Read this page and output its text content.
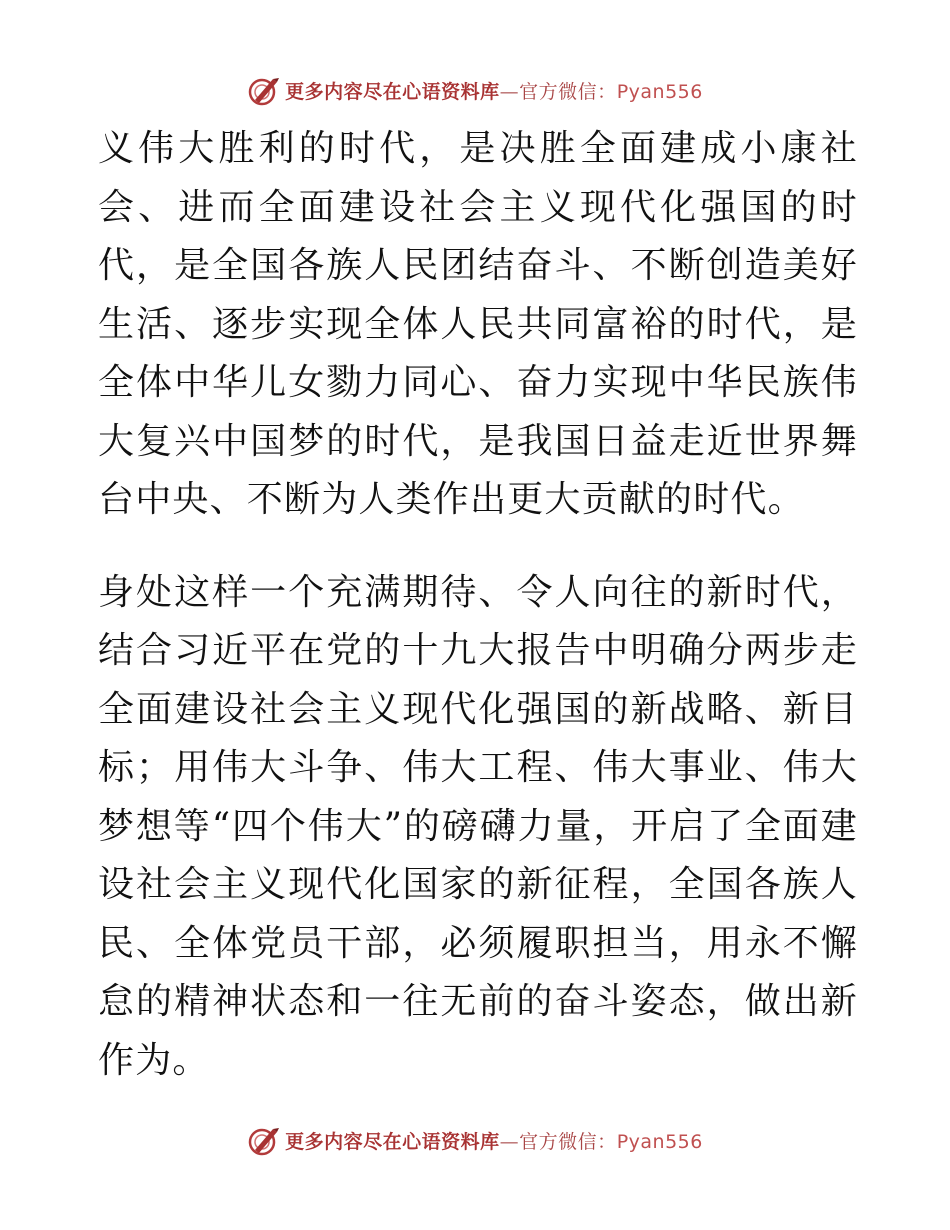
更多内容尽在心语资料库—官方微信：Pyan556

义伟大胜利的时代，是决胜全面建成小康社会、进而全面建设社会主义现代化强国的时代，是全国各族人民团结奋斗、不断创造美好生活、逐步实现全体人民共同富裕的时代，是全体中华儿女勠力同心、奋力实现中华民族伟大复兴中国梦的时代，是我国日益走近世界舞台中央、不断为人类作出更大贡献的时代。

身处这样一个充满期待、令人向往的新时代，结合习近平在党的十九大报告中明确分两步走全面建设社会主义现代化强国的新战略、新目标；用伟大斗争、伟大工程、伟大事业、伟大梦想等“四个伟大”的磅礴力量，开启了全面建设社会主义现代化国家的新征程，全国各族人民、全体党员干部，必须履职担当，用永不懈怠的精神状态和一往无前的奋斗姿态，做出新作为。

更多内容尽在心语资料库—官方微信：Pyan556
